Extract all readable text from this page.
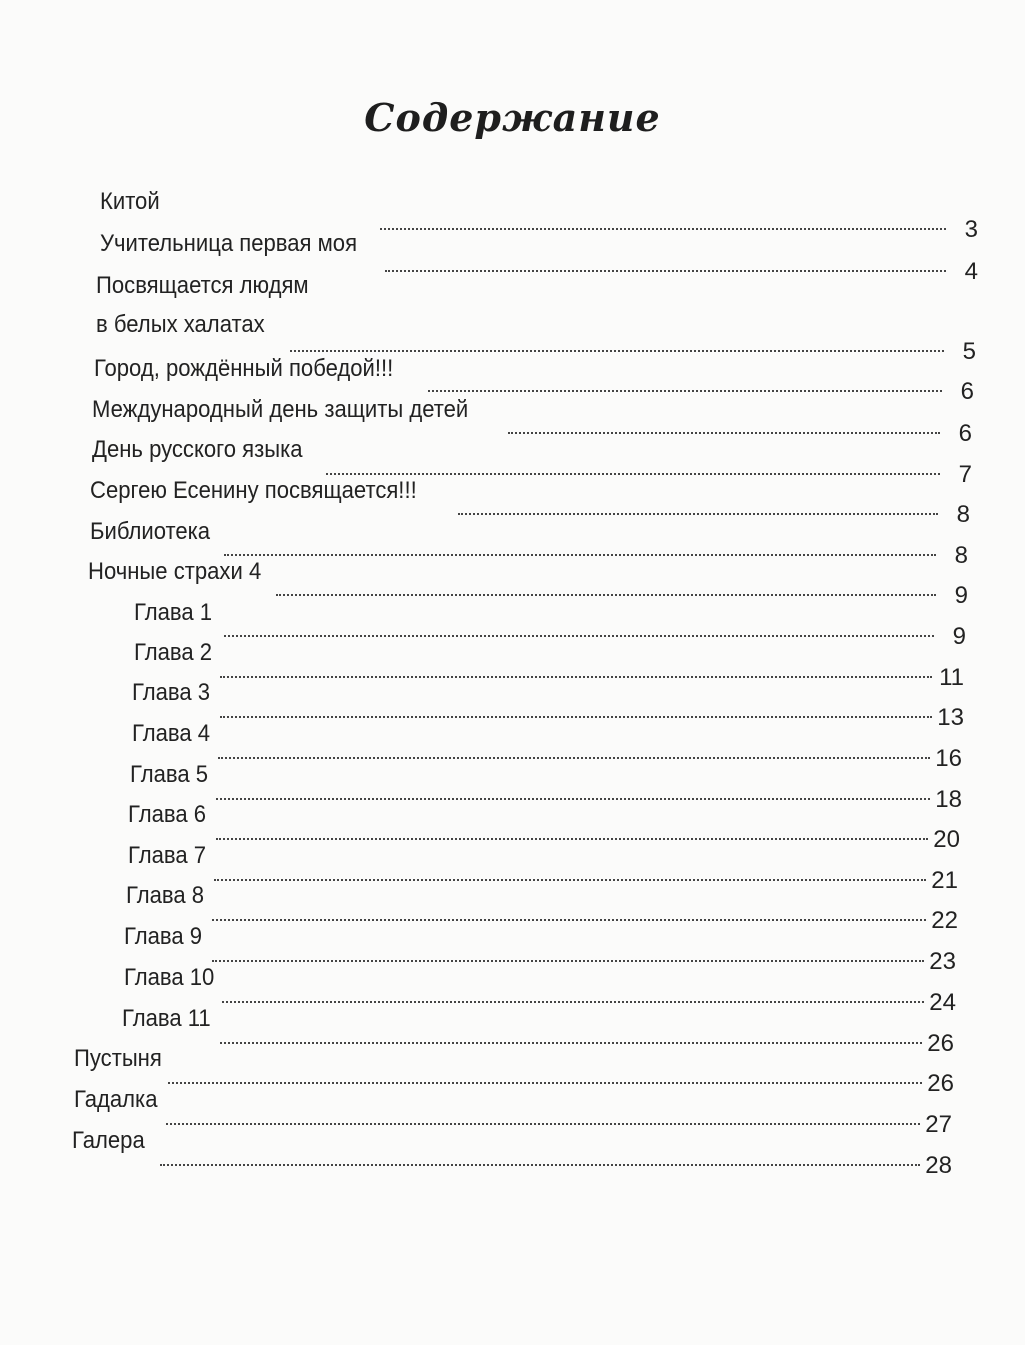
Содержание
Китой
3
Учительница первая моя
4
Посвящается людям
в белых халатах
5
Город, рождённый победой!!!
6
Международный день защиты детей
6
День русского языка
7
Сергею Есенину посвящается!!!
8
Библиотека
8
Ночные страхи 4
9
Глава 1
9
Глава 2
11
Глава 3
13
Глава 4
16
Глава 5
18
Глава 6
20
Глава 7
21
Глава 8
22
Глава 9
23
Глава 10
24
Глава 11
26
Пустыня
26
Гадалка
27
Галера
28
